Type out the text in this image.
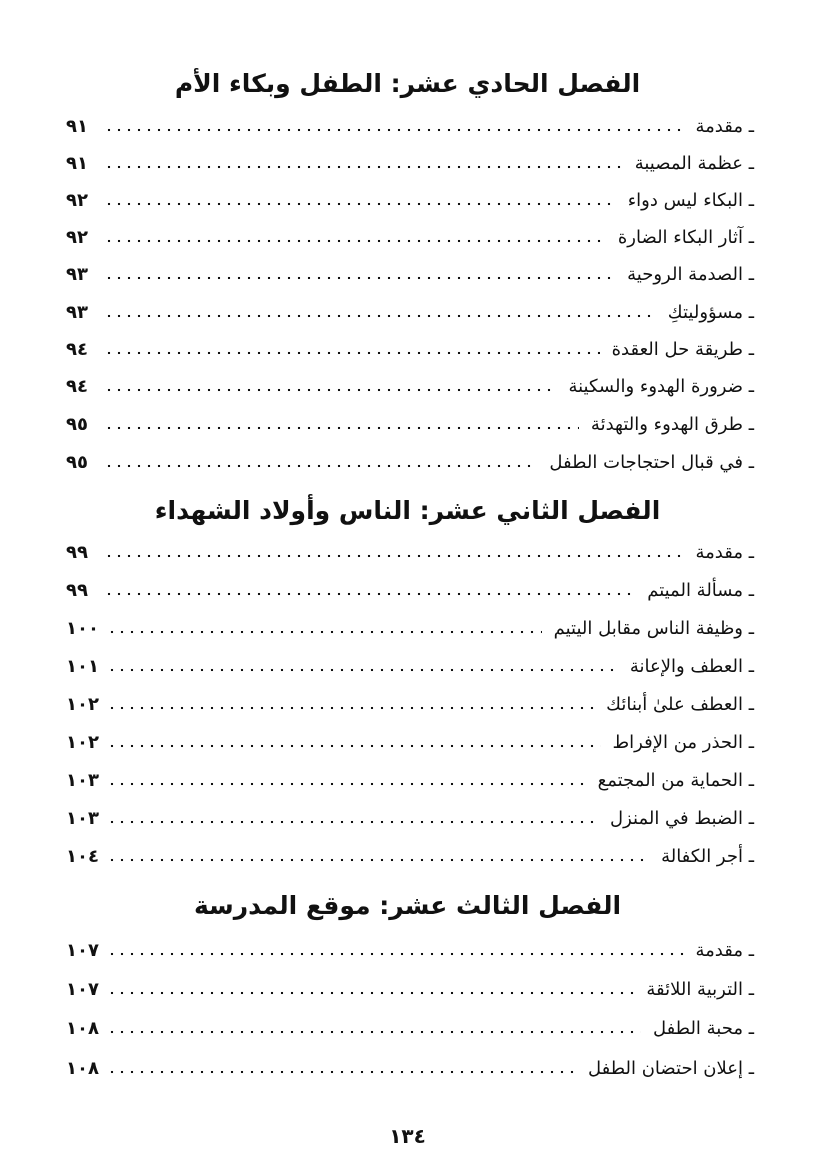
الفصل الحادي عشر: الطفل وبكاء الأم
ـ مقدمة
٩١
ـ عظمة المصيبة
٩١
ـ البكاء ليس دواء
٩٢
ـ آثار البكاء الضارة
٩٢
ـ الصدمة الروحية
٩٣
ـ مسؤوليتكِ
٩٣
ـ طريقة حل العقدة
٩٤
ـ ضرورة الهدوء والسكينة
٩٤
ـ طرق الهدوء والتهدئة
٩٥
ـ في قبال احتجاجات الطفل
٩٥
الفصل الثاني عشر: الناس وأولاد الشهداء
ـ مقدمة
٩٩
ـ مسألة الميتم
٩٩
ـ وظيفة الناس مقابل اليتيم
١٠٠
ـ العطف والإعانة
١٠١
ـ العطف علىٰ أبنائك
١٠٢
ـ الحذر من الإفراط
١٠٢
ـ الحماية من المجتمع
١٠٣
ـ الضبط في المنزل
١٠٣
ـ أجر الكفالة
١٠٤
الفصل الثالث عشر: موقع المدرسة
ـ مقدمة
١٠٧
ـ التربية اللائقة
١٠٧
ـ محبة الطفل
١٠٨
ـ إعلان احتضان الطفل
١٠٨
١٣٤
